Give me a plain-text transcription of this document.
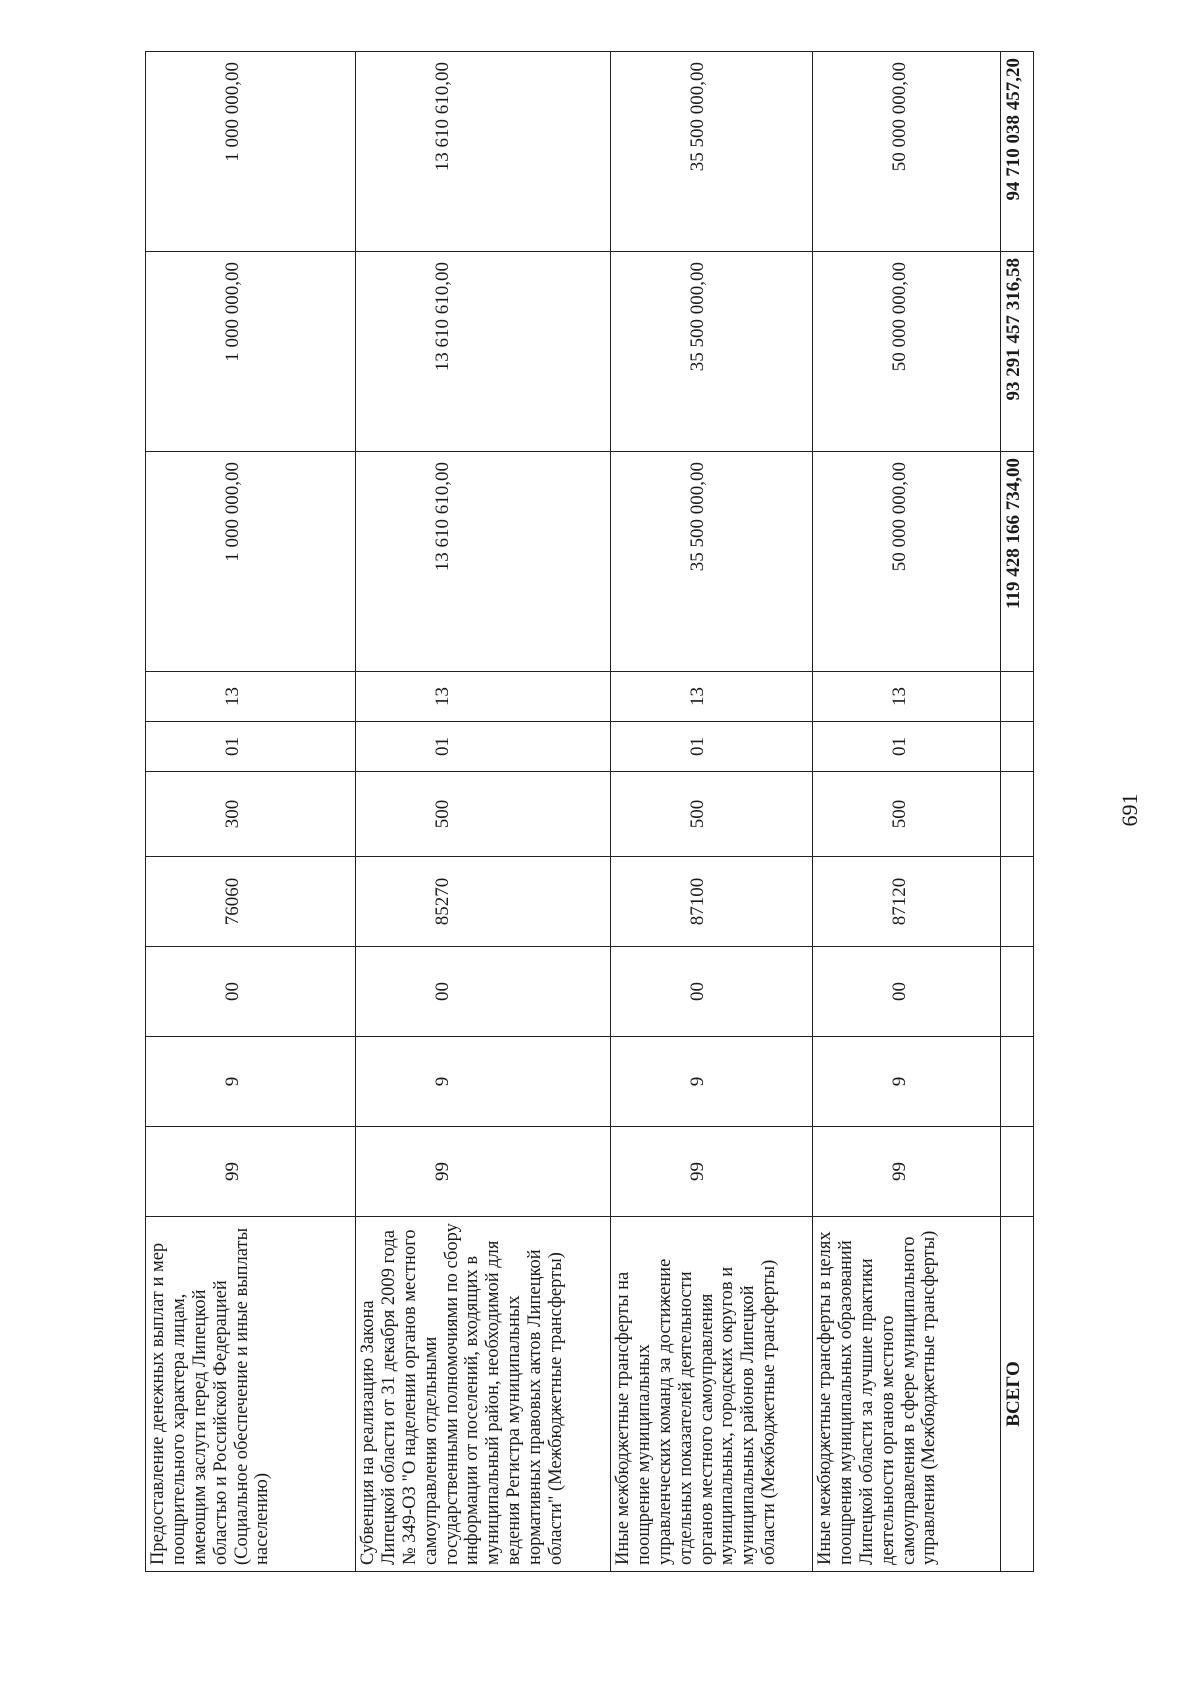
691
Предоставление денежных выплат и мер поощрительного характера лицам, имеющим заслуги перед Липецкой областью и Российской Федерацией (Социальное обеспечение и иные выплаты населению)	99	9	00	76060	300	01	13	1 000 000,00	1 000 000,00	1 000 000,00
Субвенция на реализацию Закона Липецкой области от 31 декабря 2009 года № 349-ОЗ "О наделении органов местного самоуправления отдельными государственными полномочиями по сбору информации от поселений, входящих в муниципальный район, необходимой для ведения Регистра муниципальных нормативных правовых актов Липецкой области" (Межбюджетные трансферты)	99	9	00	85270	500	01	13	13 610 610,00	13 610 610,00	13 610 610,00
Иные межбюджетные трансферты на поощрение муниципальных управленческих команд за достижение отдельных показателей деятельности органов местного самоуправления муниципальных, городских округов и муниципальных районов Липецкой области (Межбюджетные трансферты)	99	9	00	87100	500	01	13	35 500 000,00	35 500 000,00	35 500 000,00
Иные межбюджетные трансферты в целях поощрения муниципальных образований Липецкой области за лучшие практики деятельности органов местного самоуправления в сфере муниципального управления (Межбюджетные трансферты)	99	9	00	87120	500	01	13	50 000 000,00	50 000 000,00	50 000 000,00
ВСЕГО								119 428 166 734,00	93 291 457 316,58	94 710 038 457,20
